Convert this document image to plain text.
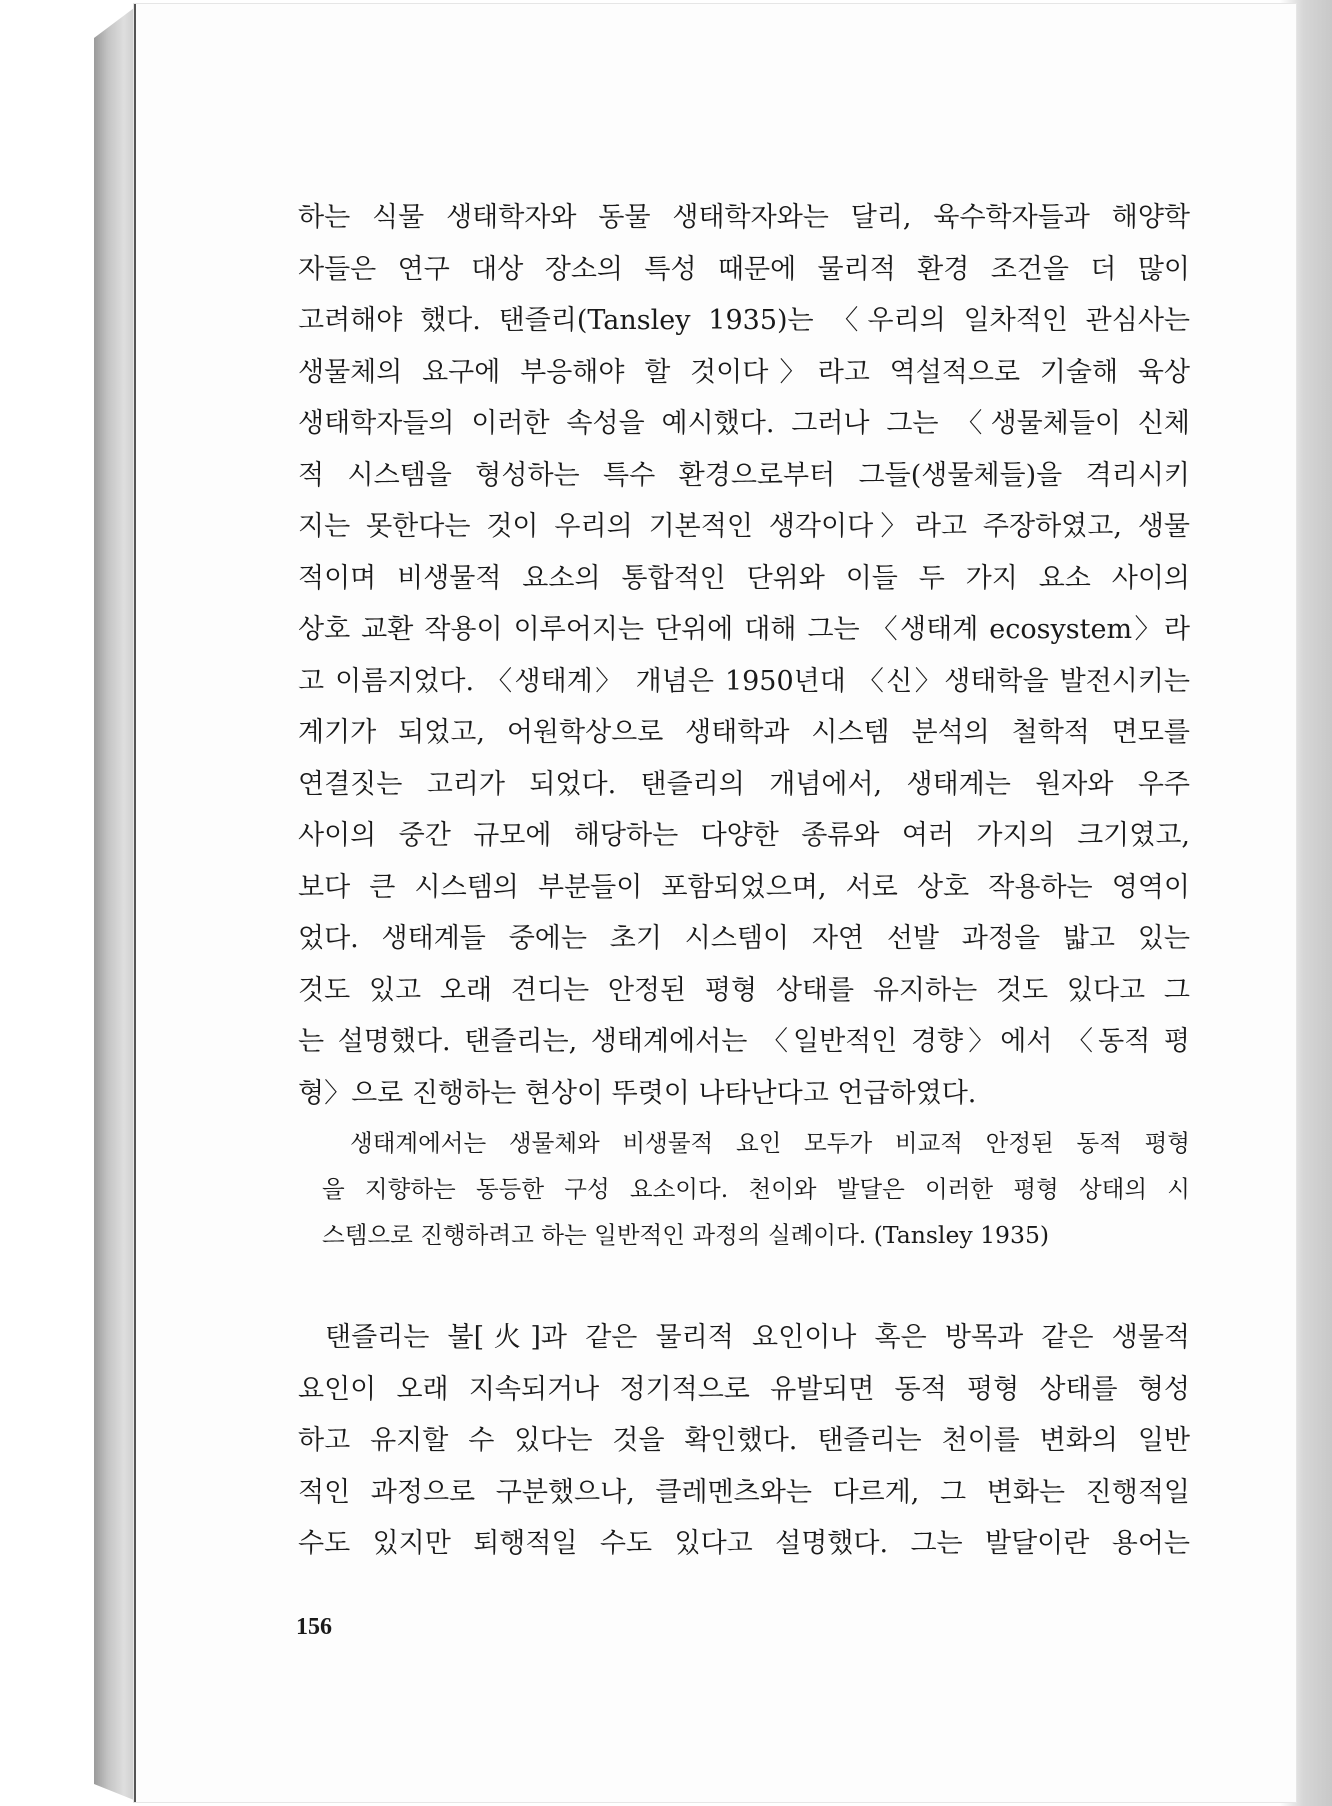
하는 식물 생태학자와 동물 생태학자와는 달리, 육수학자들과 해양학
자들은 연구 대상 장소의 특성 때문에 물리적 환경 조건을 더 많이
고려해야 했다. 탠즐리(Tansley 1935)는 〈우리의 일차적인 관심사는
생물체의 요구에 부응해야 할 것이다〉라고 역설적으로 기술해 육상
생태학자들의 이러한 속성을 예시했다. 그러나 그는 〈생물체들이 신체
적 시스템을 형성하는 특수 환경으로부터 그들(생물체들)을 격리시키
지는 못한다는 것이 우리의 기본적인 생각이다〉라고 주장하였고, 생물
적이며 비생물적 요소의 통합적인 단위와 이들 두 가지 요소 사이의
상호 교환 작용이 이루어지는 단위에 대해 그는 〈생태계 ecosystem〉라
고 이름지었다. 〈생태계〉 개념은 1950년대 〈신〉생태학을 발전시키는
계기가 되었고, 어원학상으로 생태학과 시스템 분석의 철학적 면모를
연결짓는 고리가 되었다. 탠즐리의 개념에서, 생태계는 원자와 우주
사이의 중간 규모에 해당하는 다양한 종류와 여러 가지의 크기였고,
보다 큰 시스템의 부분들이 포함되었으며, 서로 상호 작용하는 영역이
었다. 생태계들 중에는 초기 시스템이 자연 선발 과정을 밟고 있는
것도 있고 오래 견디는 안정된 평형 상태를 유지하는 것도 있다고 그
는 설명했다. 탠즐리는, 생태계에서는 〈일반적인 경향〉에서 〈동적 평
형〉으로 진행하는 현상이 뚜렷이 나타난다고 언급하였다.
생태계에서는 생물체와 비생물적 요인 모두가 비교적 안정된 동적 평형
을 지향하는 동등한 구성 요소이다. 천이와 발달은 이러한 평형 상태의 시
스템으로 진행하려고 하는 일반적인 과정의 실례이다. (Tansley 1935)
탠즐리는 불[火]과 같은 물리적 요인이나 혹은 방목과 같은 생물적
요인이 오래 지속되거나 정기적으로 유발되면 동적 평형 상태를 형성
하고 유지할 수 있다는 것을 확인했다. 탠즐리는 천이를 변화의 일반
적인 과정으로 구분했으나, 클레멘츠와는 다르게, 그 변화는 진행적일
수도 있지만 퇴행적일 수도 있다고 설명했다. 그는 발달이란 용어는
156
